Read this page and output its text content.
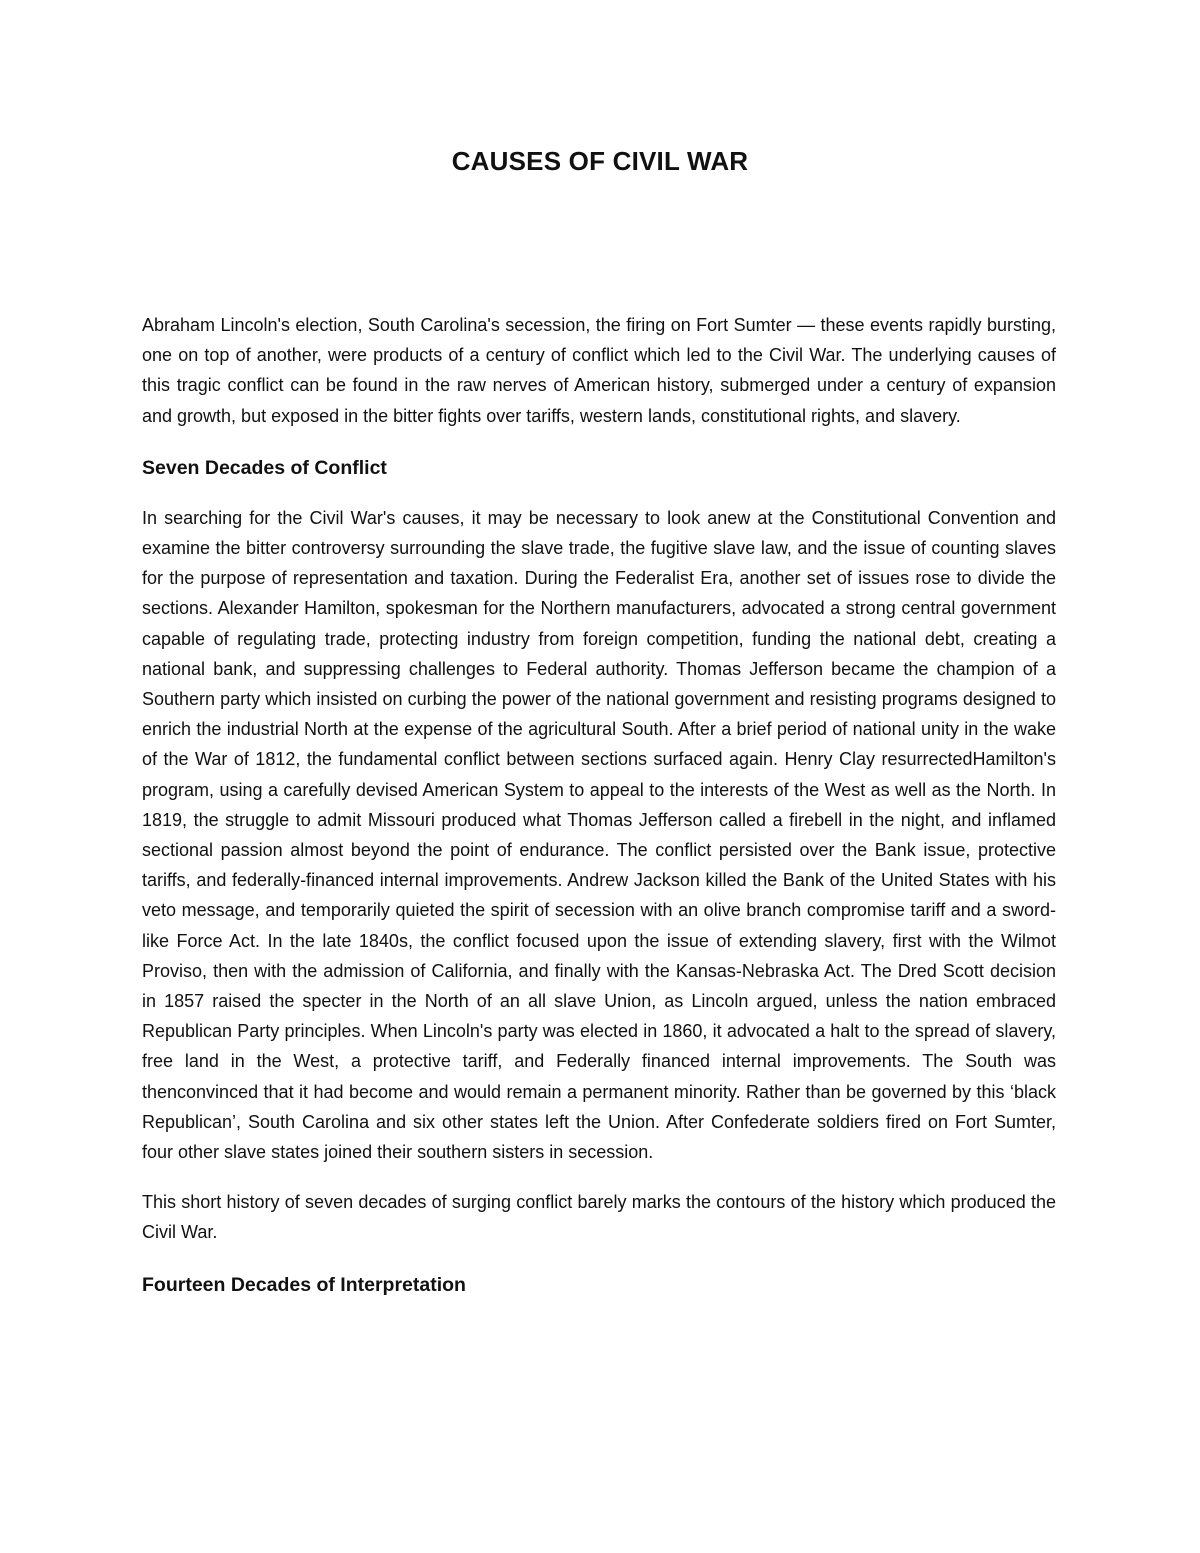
CAUSES OF CIVIL WAR

Abraham Lincoln's election, South Carolina's secession, the firing on Fort Sumter — these events rapidly bursting, one on top of another, were products of a century of conflict which led to the Civil War. The underlying causes of this tragic conflict can be found in the raw nerves of American history, submerged under a century of expansion and growth, but exposed in the bitter fights over tariffs, western lands, constitutional rights, and slavery.

Seven Decades of Conflict

In searching for the Civil War's causes, it may be necessary to look anew at the Constitutional Convention and examine the bitter controversy surrounding the slave trade, the fugitive slave law, and the issue of counting slaves for the purpose of representation and taxation. During the Federalist Era, another set of issues rose to divide the sections. Alexander Hamilton, spokesman for the Northern manufacturers, advocated a strong central government capable of regulating trade, protecting industry from foreign competition, funding the national debt, creating a national bank, and suppressing challenges to Federal authority. Thomas Jefferson became the champion of a Southern party which insisted on curbing the power of the national government and resisting programs designed to enrich the industrial North at the expense of the agricultural South. After a brief period of national unity in the wake of the War of 1812, the fundamental conflict between sections surfaced again. Henry Clay resurrectedHamilton's program, using a carefully devised American System to appeal to the interests of the West as well as the North. In 1819, the struggle to admit Missouri produced what Thomas Jefferson called a firebell in the night, and inflamed sectional passion almost beyond the point of endurance. The conflict persisted over the Bank issue, protective tariffs, and federally-financed internal improvements. Andrew Jackson killed the Bank of the United States with his veto message, and temporarily quieted the spirit of secession with an olive branch compromise tariff and a sword-like Force Act. In the late 1840s, the conflict focused upon the issue of extending slavery, first with the Wilmot Proviso, then with the admission of California, and finally with the Kansas-Nebraska Act. The Dred Scott decision in 1857 raised the specter in the North of an all slave Union, as Lincoln argued, unless the nation embraced Republican Party principles. When Lincoln's party was elected in 1860, it advocated a halt to the spread of slavery, free land in the West, a protective tariff, and Federally financed internal improvements. The South was thenconvinced that it had become and would remain a permanent minority. Rather than be governed by this ‘black Republican’, South Carolina and six other states left the Union. After Confederate soldiers fired on Fort Sumter, four other slave states joined their southern sisters in secession.

This short history of seven decades of surging conflict barely marks the contours of the history which produced the Civil War.

Fourteen Decades of Interpretation
